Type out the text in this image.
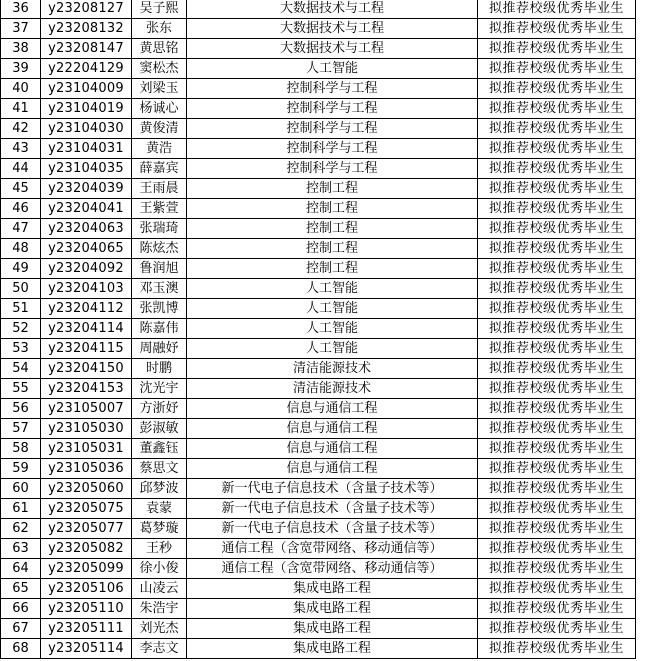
36	y23208127	吴子熙	大数据技术与工程	拟推荐校级优秀毕业生
37	y23208132	张东	大数据技术与工程	拟推荐校级优秀毕业生
38	y23208147	黄思铭	大数据技术与工程	拟推荐校级优秀毕业生
39	y22204129	窦松杰	人工智能	拟推荐校级优秀毕业生
40	y23104009	刘梁玉	控制科学与工程	拟推荐校级优秀毕业生
41	y23104019	杨诚心	控制科学与工程	拟推荐校级优秀毕业生
42	y23104030	黄俊清	控制科学与工程	拟推荐校级优秀毕业生
43	y23104031	黄浩	控制科学与工程	拟推荐校级优秀毕业生
44	y23104035	薛嘉宾	控制科学与工程	拟推荐校级优秀毕业生
45	y23204039	王雨晨	控制工程	拟推荐校级优秀毕业生
46	y23204041	王紫萱	控制工程	拟推荐校级优秀毕业生
47	y23204063	张瑞琦	控制工程	拟推荐校级优秀毕业生
48	y23204065	陈炫杰	控制工程	拟推荐校级优秀毕业生
49	y23204092	鲁润旭	控制工程	拟推荐校级优秀毕业生
50	y23204103	邓玉澳	人工智能	拟推荐校级优秀毕业生
51	y23204112	张凯博	人工智能	拟推荐校级优秀毕业生
52	y23204114	陈嘉伟	人工智能	拟推荐校级优秀毕业生
53	y23204115	周融妤	人工智能	拟推荐校级优秀毕业生
54	y23204150	时鹏	清洁能源技术	拟推荐校级优秀毕业生
55	y23204153	沈光宇	清洁能源技术	拟推荐校级优秀毕业生
56	y23105007	方浙妤	信息与通信工程	拟推荐校级优秀毕业生
57	y23105030	彭淑敏	信息与通信工程	拟推荐校级优秀毕业生
58	y23105031	董鑫钰	信息与通信工程	拟推荐校级优秀毕业生
59	y23105036	蔡思文	信息与通信工程	拟推荐校级优秀毕业生
60	y23205060	邱梦波	新一代电子信息技术（含量子技术等）	拟推荐校级优秀毕业生
61	y23205075	袁蒙	新一代电子信息技术（含量子技术等）	拟推荐校级优秀毕业生
62	y23205077	葛梦璇	新一代电子信息技术（含量子技术等）	拟推荐校级优秀毕业生
63	y23205082	王秒	通信工程（含宽带网络、移动通信等）	拟推荐校级优秀毕业生
64	y23205099	徐小俊	通信工程（含宽带网络、移动通信等）	拟推荐校级优秀毕业生
65	y23205106	山凌云	集成电路工程	拟推荐校级优秀毕业生
66	y23205110	朱浩宇	集成电路工程	拟推荐校级优秀毕业生
67	y23205111	刘光杰	集成电路工程	拟推荐校级优秀毕业生
68	y23205114	李志文	集成电路工程	拟推荐校级优秀毕业生
